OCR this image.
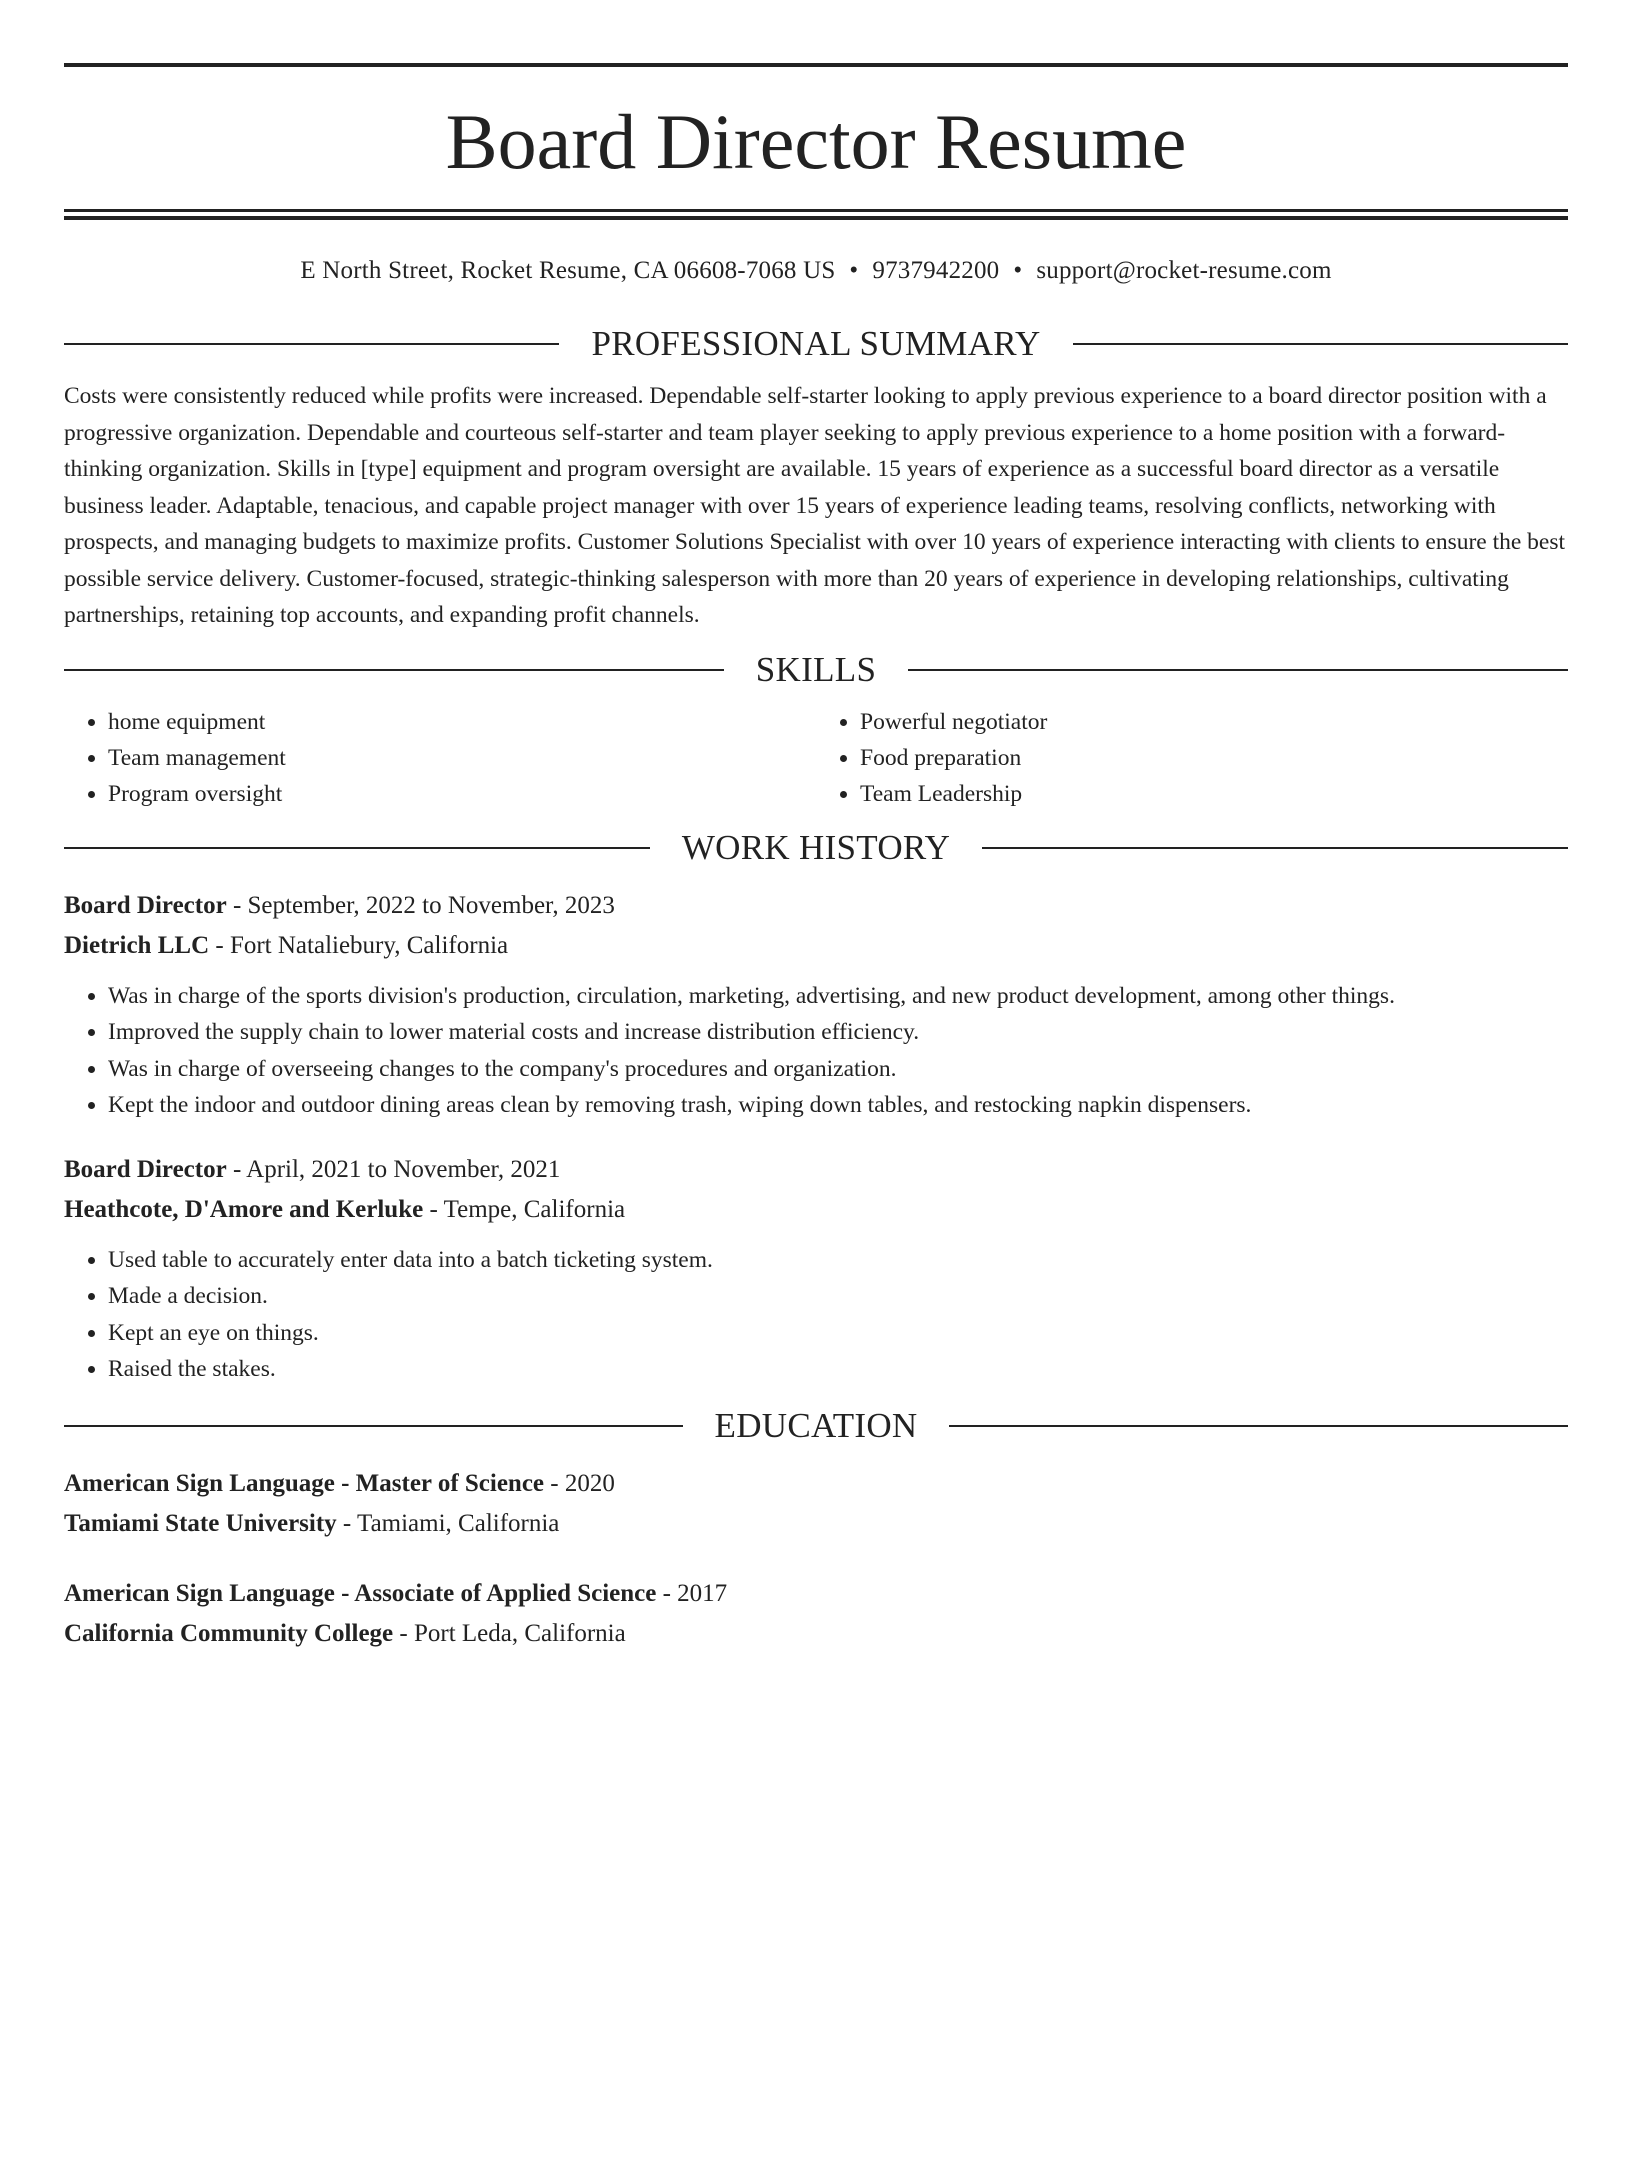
Board Director Resume
E North Street, Rocket Resume, CA 06608-7068 US • 9737942200 • support@rocket-resume.com
PROFESSIONAL SUMMARY

Costs were consistently reduced while profits were increased. Dependable self-starter looking to apply previous experience to a board director position with a progressive organization. Dependable and courteous self-starter and team player seeking to apply previous experience to a home position with a forward-thinking organization. Skills in [type] equipment and program oversight are available. 15 years of experience as a successful board director as a versatile business leader. Adaptable, tenacious, and capable project manager with over 15 years of experience leading teams, resolving conflicts, networking with prospects, and managing budgets to maximize profits. Customer Solutions Specialist with over 10 years of experience interacting with clients to ensure the best possible service delivery. Customer-focused, strategic-thinking salesperson with more than 20 years of experience in developing relationships, cultivating partnerships, retaining top accounts, and expanding profit channels.

SKILLS
• home equipment
• Team management
• Program oversight
• Powerful negotiator
• Food preparation
• Team Leadership
WORK HISTORY
Board Director - September, 2022 to November, 2023
Dietrich LLC - Fort Nataliebury, California
• Was in charge of the sports division's production, circulation, marketing, advertising, and new product development, among other things.
• Improved the supply chain to lower material costs and increase distribution efficiency.
• Was in charge of overseeing changes to the company's procedures and organization.
• Kept the indoor and outdoor dining areas clean by removing trash, wiping down tables, and restocking napkin dispensers.
Board Director - April, 2021 to November, 2021
Heathcote, D'Amore and Kerluke - Tempe, California
• Used table to accurately enter data into a batch ticketing system.
• Made a decision.
• Kept an eye on things.
• Raised the stakes.
EDUCATION
American Sign Language - Master of Science - 2020
Tamiami State University - Tamiami, California
American Sign Language - Associate of Applied Science - 2017
California Community College - Port Leda, California
